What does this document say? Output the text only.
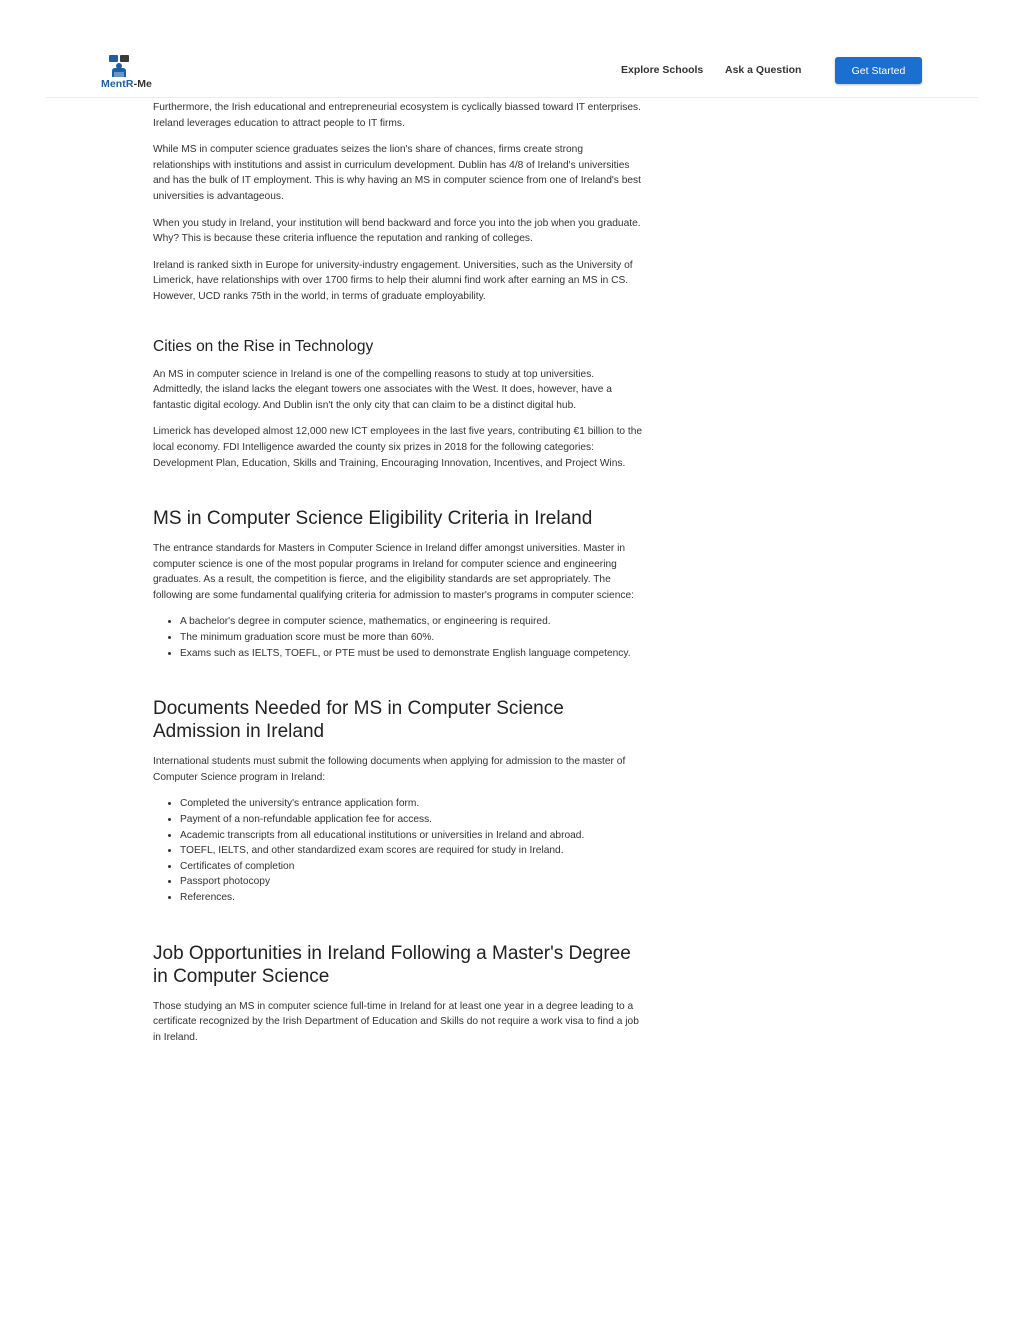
MentR-Me
Explore Schools Ask a Question	Get Started

Furthermore, the Irish educational and entrepreneurial ecosystem is cyclically biassed toward IT enterprises. Ireland leverages education to attract people to IT firms.

While MS in computer science graduates seizes the lion's share of chances, firms create strong relationships with institutions and assist in curriculum development. Dublin has 4/8 of Ireland's universities and has the bulk of IT employment. This is why having an MS in computer science from one of Ireland's best universities is advantageous.

When you study in Ireland, your institution will bend backward and force you into the job when you graduate. Why? This is because these criteria influence the reputation and ranking of colleges.

Ireland is ranked sixth in Europe for university-industry engagement. Universities, such as the University of Limerick, have relationships with over 1700 firms to help their alumni find work after earning an MS in CS. However, UCD ranks 75th in the world, in terms of graduate employability.

Cities on the Rise in Technology

An MS in computer science in Ireland is one of the compelling reasons to study at top universities. Admittedly, the island lacks the elegant towers one associates with the West. It does, however, have a fantastic digital ecology. And Dublin isn't the only city that can claim to be a distinct digital hub.

Limerick has developed almost 12,000 new ICT employees in the last five years, contributing €1 billion to the local economy. FDI Intelligence awarded the county six prizes in 2018 for the following categories: Development Plan, Education, Skills and Training, Encouraging Innovation, Incentives, and Project Wins.

MS in Computer Science Eligibility Criteria in Ireland

The entrance standards for Masters in Computer Science in Ireland differ amongst universities. Master in computer science is one of the most popular programs in Ireland for computer science and engineering graduates. As a result, the competition is fierce, and the eligibility standards are set appropriately. The following are some fundamental qualifying criteria for admission to master's programs in computer science:

• A bachelor's degree in computer science, mathematics, or engineering is required.
• The minimum graduation score must be more than 60%.
• Exams such as IELTS, TOEFL, or PTE must be used to demonstrate English language competency.
Documents Needed for MS in Computer Science Admission in Ireland

International students must submit the following documents when applying for admission to the master of Computer Science program in Ireland:

• Completed the university's entrance application form.
• Payment of a non-refundable application fee for access.
• Academic transcripts from all educational institutions or universities in Ireland and abroad.
• TOEFL, IELTS, and other standardized exam scores are required for study in Ireland.
• Certificates of completion
• Passport photocopy
• References.
Job Opportunities in Ireland Following a Master's Degree in Computer Science

Those studying an MS in computer science full-time in Ireland for at least one year in a degree leading to a certificate recognized by the Irish Department of Education and Skills do not require a work visa to find a job in Ireland.
